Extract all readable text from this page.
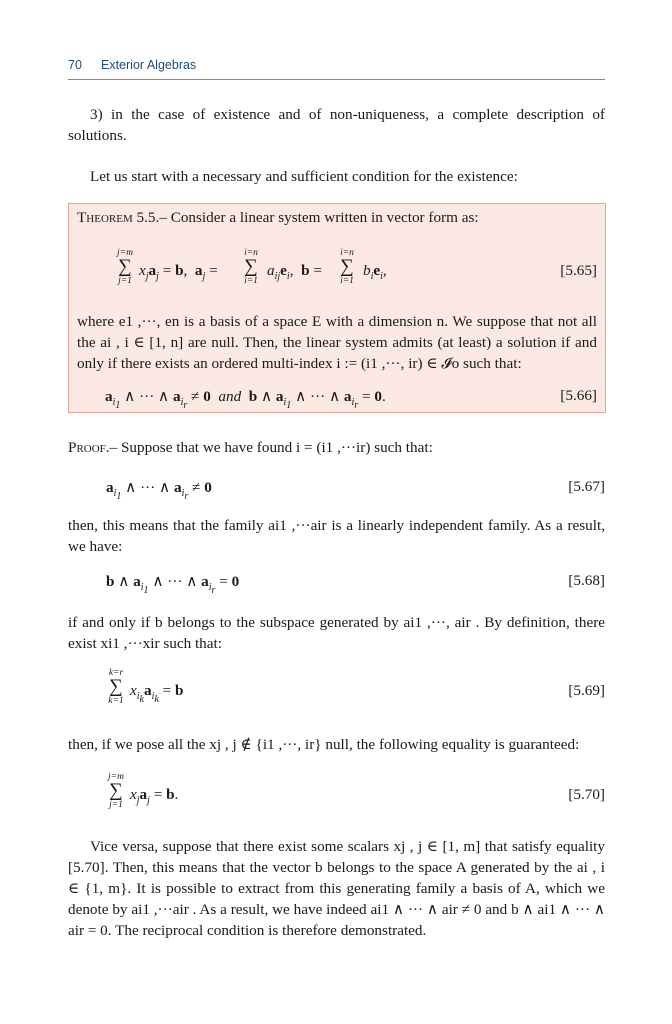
70 Exterior Algebras
3) in the case of existence and of non-uniqueness, a complete description of solutions.
Let us start with a necessary and sufficient condition for the existence:
Theorem 5.5.– Consider a linear system written in vector form as:
j=m
∑
j=1
$x_ja_j = b$,  $a_j$ =
i=n
∑
i=1
$a_{ij}e_i$,  b =
i=n
∑
i=1
$b_ie_i$,	[5.65]
where e1 ,···, en is a basis of a space E with a dimension n. We suppose that not all the ai , i ∈ [1, n] are null. Then, the linear system admits (at least) a solution if and only if there exists an ordered multi-index i := (i1 ,···, ir) ∈ 𝓘o such that:
$a_{i_1}$ ∧ ··· ∧ $a_{i_r} \ne 0$ and b ∧ $a_{i_1}$ ∧ ··· ∧ $a_{i_r} = 0$.	[5.66]
Proof.– Suppose that we have found i = (i1 ,···ir) such that:
$a_{i_1}$ ∧ ··· ∧ $a_{i_r} \ne 0$	[5.67]
then, this means that the family ai1 ,···air is a linearly independent family. As a result, we have:
b ∧ $a_{i_1}$ ∧ ··· ∧ $a_{i_r} = 0$	[5.68]
if and only if b belongs to the subspace generated by ai1 ,···, air . By definition, there exist xi1 ,···xir such that:
k=r
∑
k=1
$x_{i_k}a_{i_k} = b$	[5.69]
then, if we pose all the xj , j ∉ {i1 ,···, ir} null, the following equality is guaranteed:
j=m
∑
j=1
$x_ja_j = b$.	[5.70]
Vice versa, suppose that there exist some scalars xj , j ∈ [1, m] that satisfy equality [5.70]. Then, this means that the vector b belongs to the space A generated by the ai , i ∈ {1, m}. It is possible to extract from this generating family a basis of A, which we denote by ai1 ,···air . As a result, we have indeed ai1 ∧ ··· ∧ air ≠ 0 and b ∧ ai1 ∧ ··· ∧ air = 0. The reciprocal condition is therefore demonstrated.
